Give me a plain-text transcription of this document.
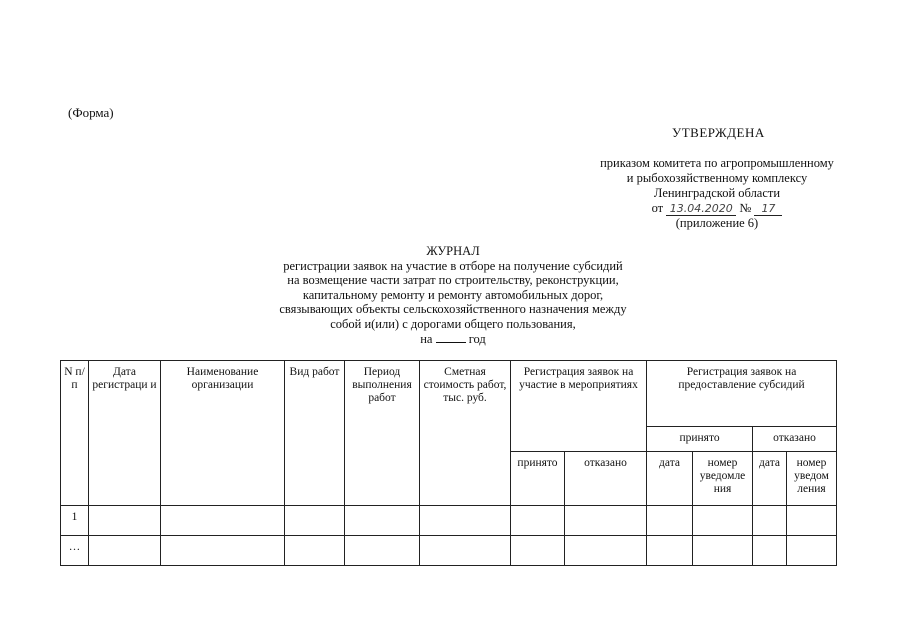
(Форма)
УТВЕРЖДЕНА
приказом комитета по агропромышленному
и рыбохозяйственному комплексу
Ленинградской области
от 13.04.2020 № 17
(приложение 6)
ЖУРНАЛ
регистрации заявок на участие в отборе на получение субсидий
на возмещение части затрат по строительству, реконструкции,
капитальному ремонту и ремонту автомобильных дорог,
связывающих объекты сельскохозяйственного назначения между
собой и(или) с дорогами общего пользования,
на	год
N п/п	Дата регистраци и	Наименование организации	Вид работ	Период выполнения работ	Сметная стоимость работ, тыс. руб.	Регистрация заявок на участие в мероприятиях		Регистрация заявок на предоставление субсидий			
								принято		отказано	
						принято	отказано	дата	номер уведомле ния	дата	номер уведом ления
1											
…											
